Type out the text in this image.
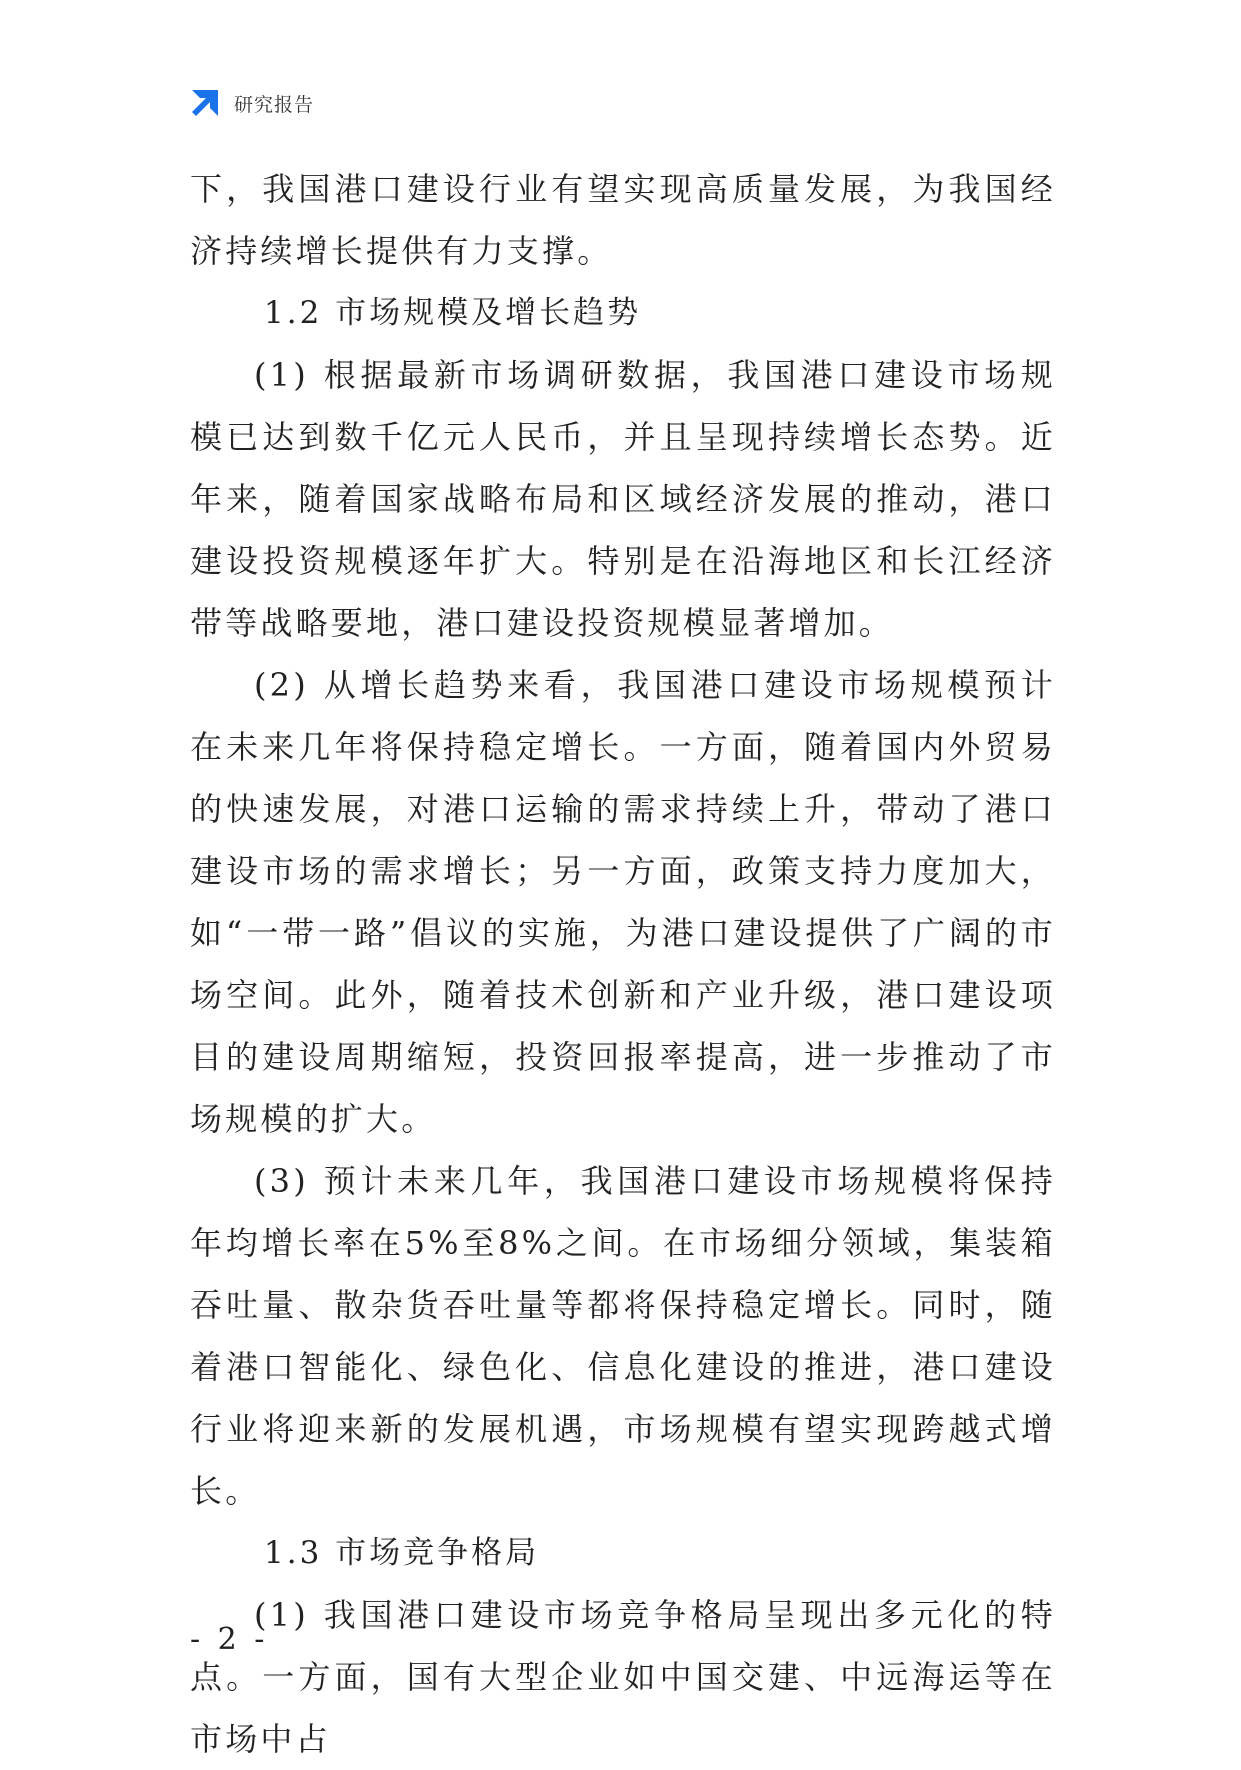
研究报告

下，我国港口建设行业有望实现高质量发展，为我国经济持续增长提供有力支撑。

1.2 市场规模及增长趋势

(1) 根据最新市场调研数据，我国港口建设市场规模已达到数千亿元人民币，并且呈现持续增长态势。近年来，随着国家战略布局和区域经济发展的推动，港口建设投资规模逐年扩大。特别是在沿海地区和长江经济带等战略要地，港口建设投资规模显著增加。

(2) 从增长趋势来看，我国港口建设市场规模预计在未来几年将保持稳定增长。一方面，随着国内外贸易的快速发展，对港口运输的需求持续上升，带动了港口建设市场的需求增长；另一方面，政策支持力度加大，如“一带一路”倡议的实施，为港口建设提供了广阔的市场空间。此外，随着技术创新和产业升级，港口建设项目的建设周期缩短，投资回报率提高，进一步推动了市场规模的扩大。

(3) 预计未来几年，我国港口建设市场规模将保持年均增长率在5%至8%之间。在市场细分领域，集装箱吞吐量、散杂货吞吐量等都将保持稳定增长。同时，随着港口智能化、绿色化、信息化建设的推进，港口建设行业将迎来新的发展机遇，市场规模有望实现跨越式增长。

1.3 市场竞争格局

(1) 我国港口建设市场竞争格局呈现出多元化的特点。一方面，国有大型企业如中国交建、中远海运等在市场中占

- 2 -
